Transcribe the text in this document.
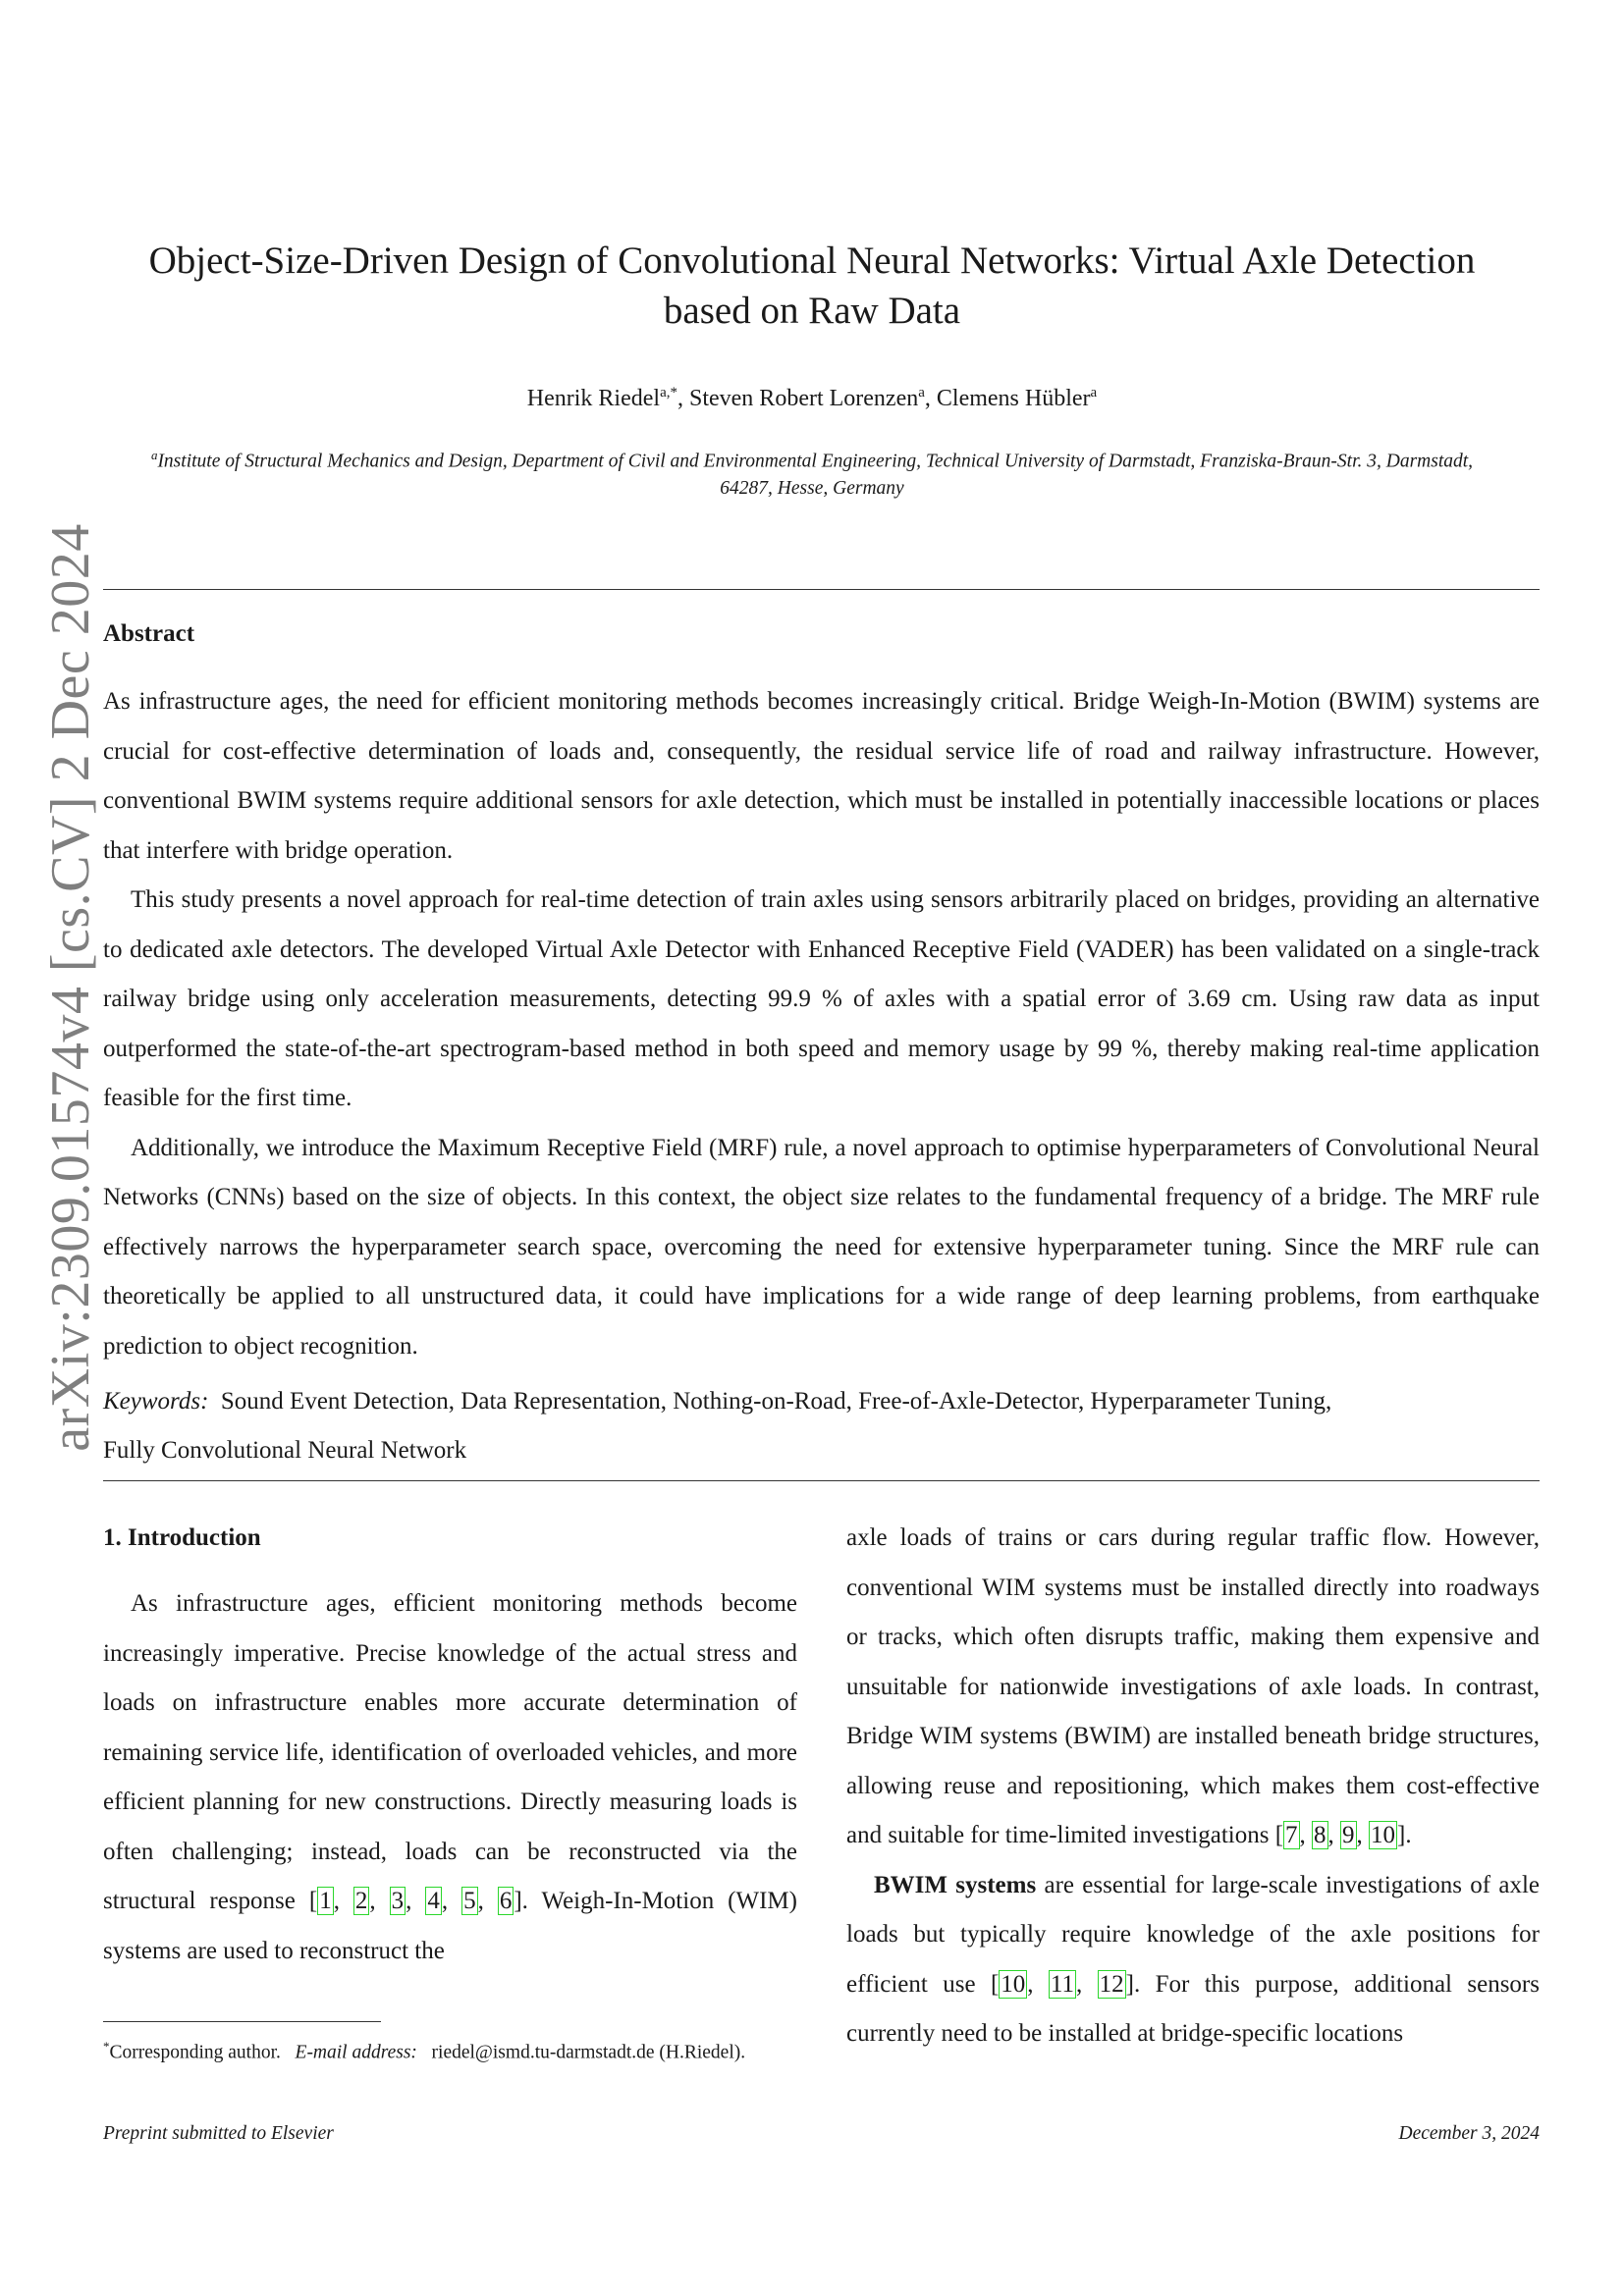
arXiv:2309.01574v4 [cs.CV] 2 Dec 2024
Object-Size-Driven Design of Convolutional Neural Networks: Virtual Axle Detection based on Raw Data
Henrik Riedel$^{a,*}$, Steven Robert Lorenzen$^a$, Clemens Hübler$^a$
$^a$Institute of Structural Mechanics and Design, Department of Civil and Environmental Engineering, Technical University of Darmstadt, Franziska-Braun-Str. 3, Darmstadt, 64287, Hesse, Germany
Abstract

As infrastructure ages, the need for efficient monitoring methods becomes increasingly critical. Bridge Weigh-In-Motion (BWIM) systems are crucial for cost-effective determination of loads and, consequently, the residual service life of road and railway infrastructure. However, conventional BWIM systems require additional sensors for axle detection, which must be installed in potentially inaccessible locations or places that interfere with bridge operation.

This study presents a novel approach for real-time detection of train axles using sensors arbitrarily placed on bridges, providing an alternative to dedicated axle detectors. The developed Virtual Axle Detector with Enhanced Receptive Field (VADER) has been validated on a single-track railway bridge using only acceleration measurements, detecting 99.9 % of axles with a spatial error of 3.69 cm. Using raw data as input outperformed the state-of-the-art spectrogram-based method in both speed and memory usage by 99 %, thereby making real-time application feasible for the first time.

Additionally, we introduce the Maximum Receptive Field (MRF) rule, a novel approach to optimise hyperparameters of Convolutional Neural Networks (CNNs) based on the size of objects. In this context, the object size relates to the fundamental frequency of a bridge. The MRF rule effectively narrows the hyperparameter search space, overcoming the need for extensive hyperparameter tuning. Since the MRF rule can theoretically be applied to all unstructured data, it could have implications for a wide range of deep learning problems, from earthquake prediction to object recognition.

Keywords: Sound Event Detection, Data Representation, Nothing-on-Road, Free-of-Axle-Detector, Hyperparameter Tuning,
Fully Convolutional Neural Network
1. Introduction

As infrastructure ages, efficient monitoring methods become increasingly imperative. Precise knowledge of the actual stress and loads on infrastructure enables more accurate determination of remaining service life, identification of overloaded vehicles, and more efficient planning for new constructions. Directly measuring loads is often challenging; instead, loads can be reconstructed via the structural response [1, 2, 3, 4, 5, 6]. Weigh-In-Motion (WIM) systems are used to reconstruct the

axle loads of trains or cars during regular traffic flow. However, conventional WIM systems must be installed directly into roadways or tracks, which often disrupts traffic, making them expensive and unsuitable for nationwide investigations of axle loads. In contrast, Bridge WIM systems (BWIM) are installed beneath bridge structures, allowing reuse and repositioning, which makes them cost-effective and suitable for time-limited investigations [7, 8, 9, 10].

BWIM systems are essential for large-scale investigations of axle loads but typically require knowledge of the axle positions for efficient use [10, 11, 12]. For this purpose, additional sensors currently need to be installed at bridge-specific locations

*Corresponding author. E-mail address: riedel@ismd.tu-darmstadt.de (H.Riedel).
Preprint submitted to Elsevier	December 3, 2024
